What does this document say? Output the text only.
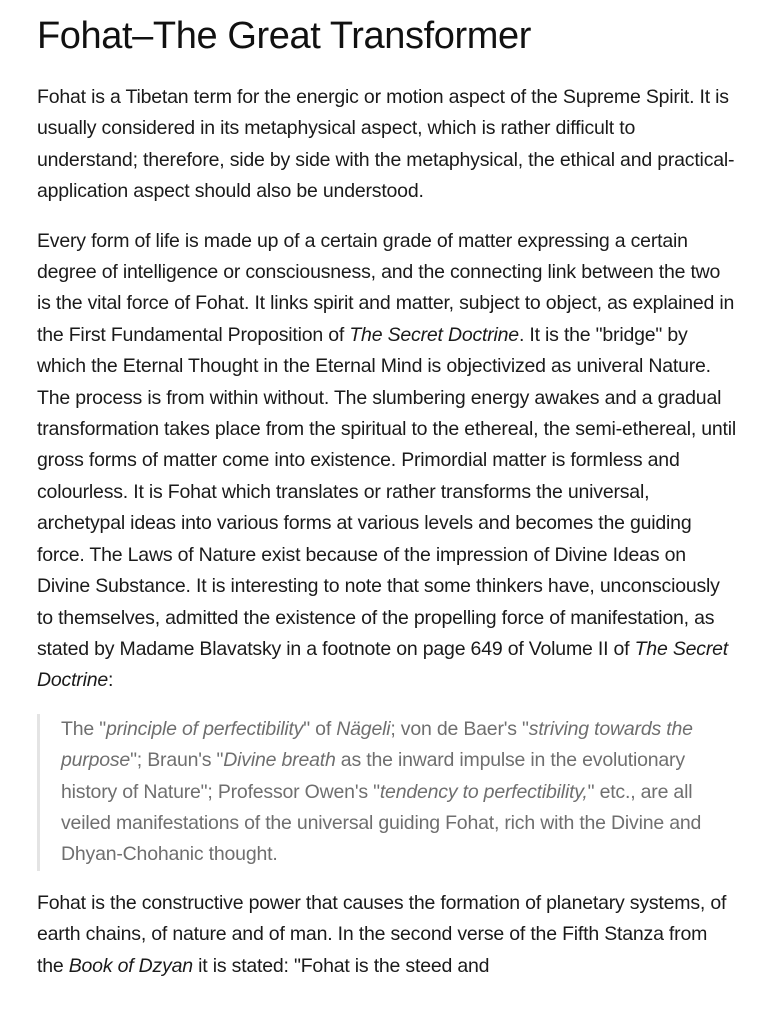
Fohat–The Great Transformer

Fohat is a Tibetan term for the energic or motion aspect of the Supreme Spirit. It is usually considered in its metaphysical aspect, which is rather difficult to understand; therefore, side by side with the metaphysical, the ethical and practical-application aspect should also be understood.

Every form of life is made up of a certain grade of matter expressing a certain degree of intelligence or consciousness, and the connecting link between the two is the vital force of Fohat. It links spirit and matter, subject to object, as explained in the First Fundamental Proposition of The Secret Doctrine. It is the "bridge" by which the Eternal Thought in the Eternal Mind is objectivized as univeral Nature. The process is from within without. The slumbering energy awakes and a gradual transformation takes place from the spiritual to the ethereal, the semi-ethereal, until gross forms of matter come into existence. Primordial matter is formless and colourless. It is Fohat which translates or rather transforms the universal, archetypal ideas into various forms at various levels and becomes the guiding force. The Laws of Nature exist because of the impression of Divine Ideas on Divine Substance. It is interesting to note that some thinkers have, unconsciously to themselves, admitted the existence of the propelling force of manifestation, as stated by Madame Blavatsky in a footnote on page 649 of Volume II of The Secret Doctrine:

The "principle of perfectibility" of Nägeli; von de Baer's "striving towards the purpose"; Braun's "Divine breath as the inward impulse in the evolutionary history of Nature"; Professor Owen's "tendency to perfectibility," etc., are all veiled manifestations of the universal guiding Fohat, rich with the Divine and Dhyan-Chohanic thought.

Fohat is the constructive power that causes the formation of planetary systems, of earth chains, of nature and of man. In the second verse of the Fifth Stanza from the Book of Dzyan it is stated: "Fohat is the steed and
